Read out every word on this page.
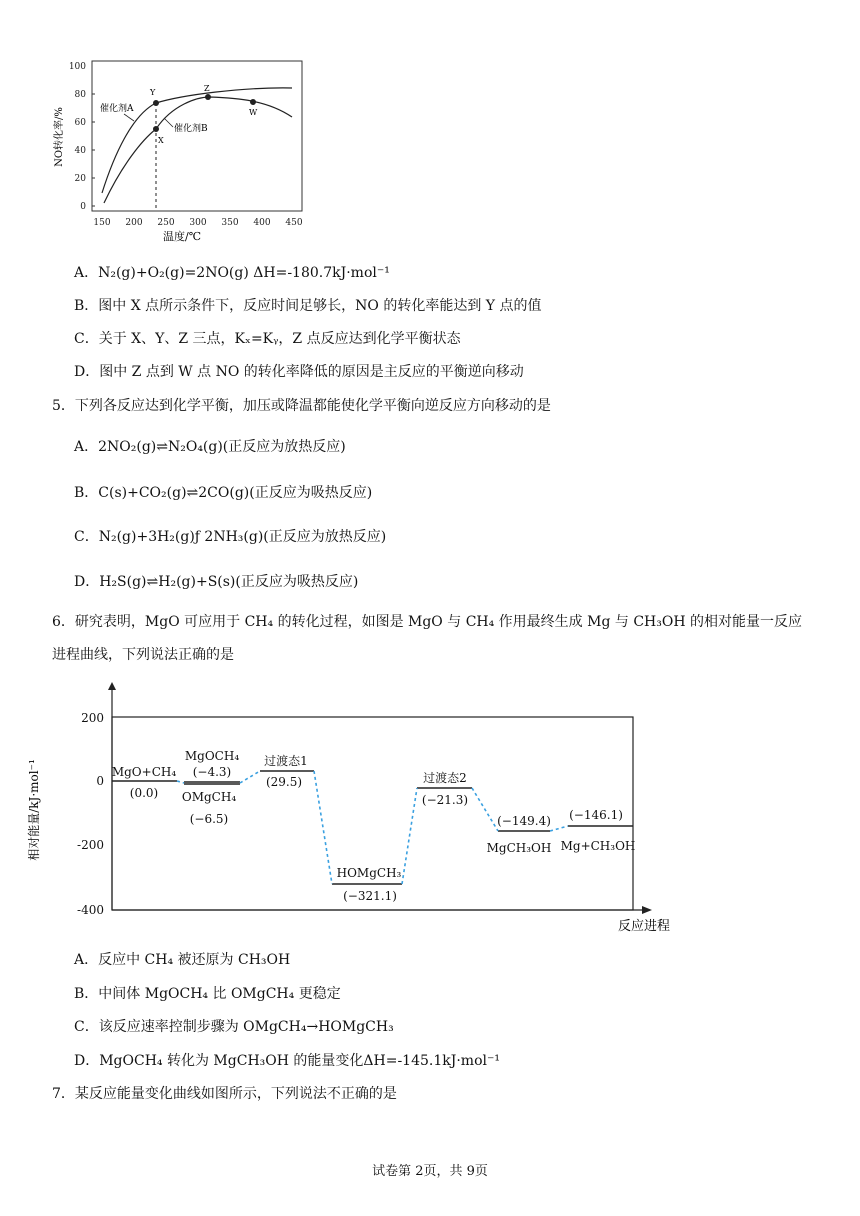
0
20
40
60
80
100
150 200 250 300 350 400 450
温度/℃
NO转化率/%
Y
X
Z
W
催化剂A
催化剂B
A．N₂(g)+O₂(g)=2NO(g) ΔH=-180.7kJ·mol⁻¹
B．图中 X 点所示条件下，反应时间足够长，NO 的转化率能达到 Y 点的值
C．关于 X、Y、Z 三点，Kₓ=Kᵧ，Z 点反应达到化学平衡状态
D．图中 Z 点到 W 点 NO 的转化率降低的原因是主反应的平衡逆向移动
5．下列各反应达到化学平衡，加压或降温都能使化学平衡向逆反应方向移动的是
A．2NO₂(g)⇌N₂O₄(g)(正反应为放热反应)
B．C(s)+CO₂(g)⇌2CO(g)(正反应为吸热反应)
C．N₂(g)+3H₂(g)ƒ 2NH₃(g)(正反应为放热反应)
D．H₂S(g)⇌H₂(g)+S(s)(正反应为吸热反应)
6．研究表明，MgO 可应用于 CH₄ 的转化过程，如图是 MgO 与 CH₄ 作用最终生成 Mg 与 CH₃OH 的相对能量一反应
进程曲线，下列说法正确的是
200
0
-200
-400
相对能量/kJ·mol⁻¹
反应进程
MgO+CH₄
(0.0)
MgOCH₄
(−4.3)
OMgCH₄
(−6.5)
过渡态1
(29.5)
HOMgCH₃
(−321.1)
过渡态2
(−21.3)
(−149.4)
MgCH₃OH
(−146.1)
Mg+CH₃OH
A．反应中 CH₄ 被还原为 CH₃OH
B．中间体 MgOCH₄ 比 OMgCH₄ 更稳定
C．该反应速率控制步骤为 OMgCH₄→HOMgCH₃
D．MgOCH₄ 转化为 MgCH₃OH 的能量变化ΔH=-145.1kJ·mol⁻¹
7．某反应能量变化曲线如图所示，下列说法不正确的是
试卷第 2页，共 9页
